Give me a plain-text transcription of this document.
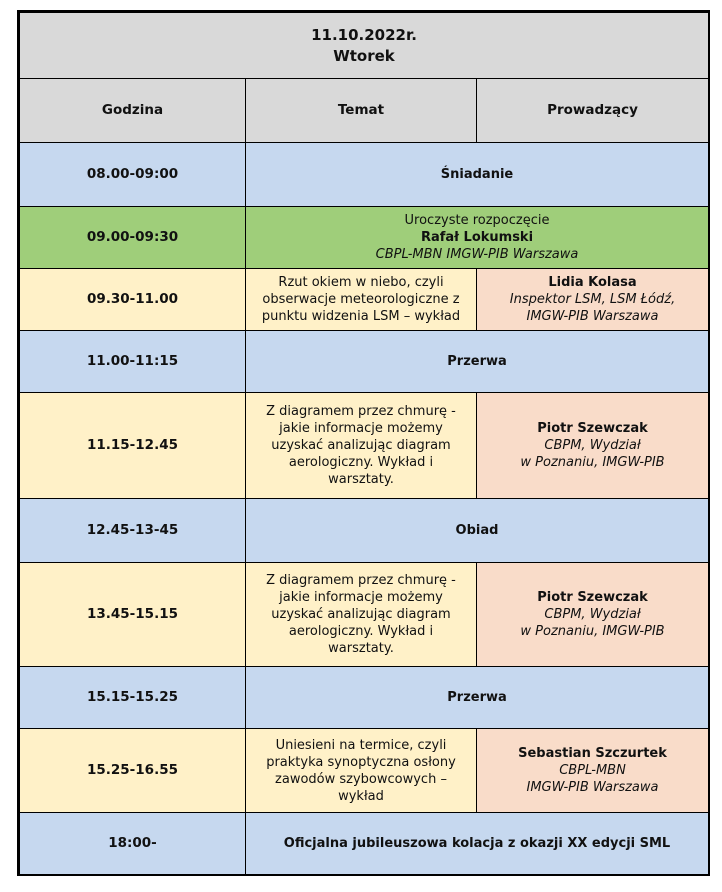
11.10.2022r.
Wtorek		

Godzina	Temat	Prowadzący
08.00-09:00	Śniadanie	
09.00-09:30	Uroczyste rozpoczęcie
Rafał Lokumski
CBPL-MBN IMGW-PIB Warszawa	

09.30-11.00	Rzut okiem w niebo, czyli
obserwacje meteorologiczne z
punktu widzenia LSM – wykład	Lidia Kolasa
Inspektor LSM, LSM Łódź,
IMGW-PIB Warszawa

11.00-11:15	Przerwa	
11.15-12.45	Z diagramem przez chmurę -
jakie informacje możemy
uzyskać analizując diagram
aerologiczny. Wykład i
warsztaty.	Piotr Szewczak
CBPM, Wydział
w Poznaniu, IMGW-PIB

12.45-13-45	Obiad	
13.45-15.15	Z diagramem przez chmurę -
jakie informacje możemy
uzyskać analizując diagram
aerologiczny. Wykład i
warsztaty.	Piotr Szewczak
CBPM, Wydział
w Poznaniu, IMGW-PIB

15.15-15.25	Przerwa	
15.25-16.55	Uniesieni na termice, czyli
praktyka synoptyczna osłony
zawodów szybowcowych –
wykład	Sebastian Szczurtek
CBPL-MBN
IMGW-PIB Warszawa

18:00-	Oficjalna jubileuszowa kolacja z okazji XX edycji SML	
